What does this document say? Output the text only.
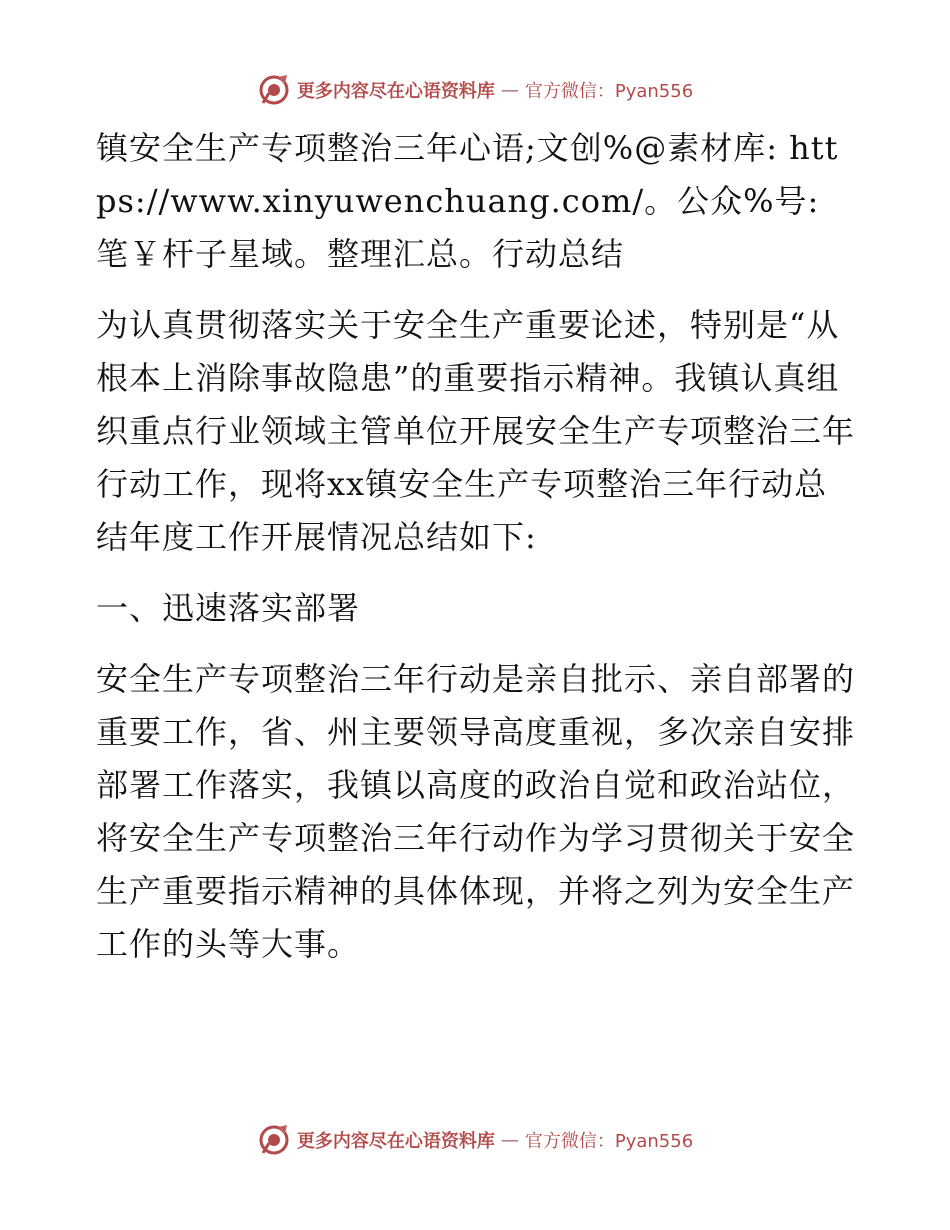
更多内容尽在心语资料库 — 官方微信：Pyan556

镇安全生产专项整治三年心语;文创%@素材库: https://www.xinyuwenchuang.com/。公众%号: 笔￥杆子星域。整理汇总。行动总结

为认真贯彻落实关于安全生产重要论述，特别是“从根本上消除事故隐患”的重要指示精神。我镇认真组织重点行业领域主管单位开展安全生产专项整治三年行动工作，现将xx镇安全生产专项整治三年行动总结年度工作开展情况总结如下:

一、迅速落实部署

安全生产专项整治三年行动是亲自批示、亲自部署的重要工作，省、州主要领导高度重视，多次亲自安排部署工作落实，我镇以高度的政治自觉和政治站位，将安全生产专项整治三年行动作为学习贯彻关于安全生产重要指示精神的具体体现，并将之列为安全生产工作的头等大事。

更多内容尽在心语资料库 — 官方微信：Pyan556
